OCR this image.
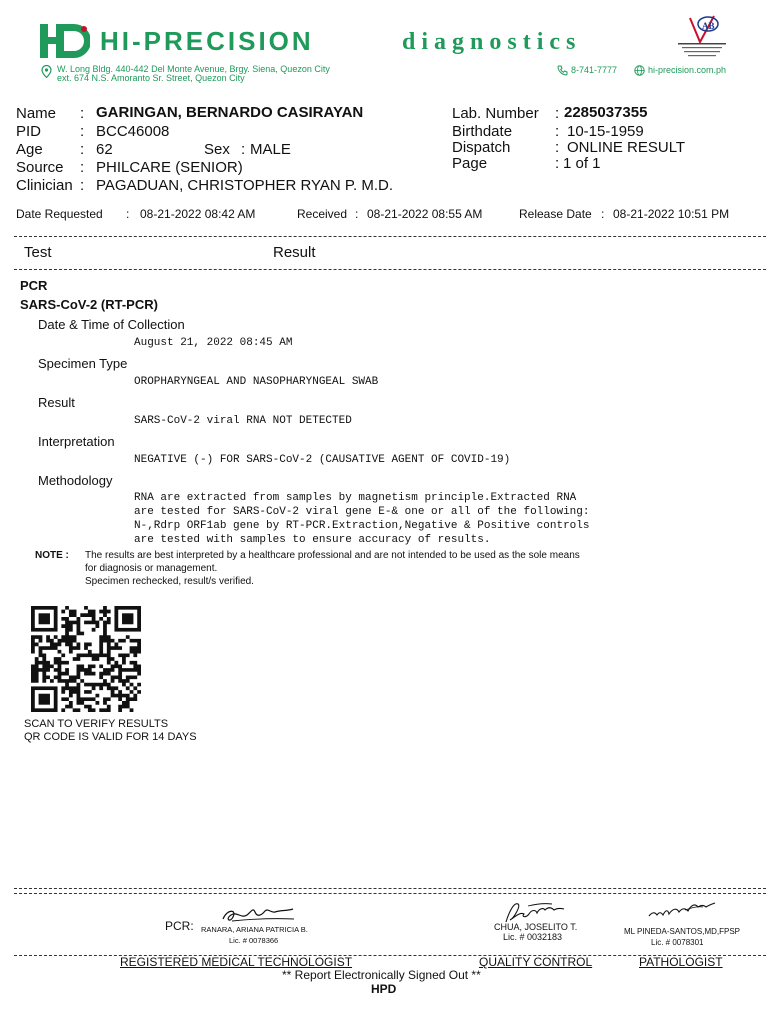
HI-PRECISION	diagnostics
W. Long Bldg. 440-442 Del Monte Avenue, Brgy. Siena, Quezon City
ext. 674 N.S. Amoranto Sr. Street, Quezon City
8-741-7777	hi-precision.com.ph
AB
Name : GARINGAN, BERNARDO CASIRAYAN
PID	: BCC46008
Age : 62	Sex : MALE
Source : PHILCARE (SENIOR)
Clinician : PAGADUAN, CHRISTOPHER RYAN P. M.D.
Lab. Number : 2285037355
Birthdate	: 10-15-1959
Dispatch	: ONLINE RESULT
Page	: 1 of 1
Date Requested : 08-21-2022 08:42 AM	Received : 08-21-2022 08:55 AM	Release Date : 08-21-2022 10:51 PM
Test	Result
PCR
SARS-CoV-2 (RT-PCR)
Date & Time of Collection
August 21, 2022 08:45 AM
Specimen Type
OROPHARYNGEAL AND NASOPHARYNGEAL SWAB
Result
SARS-CoV-2 viral RNA NOT DETECTED
Interpretation
NEGATIVE (-) FOR SARS-CoV-2 (CAUSATIVE AGENT OF COVID-19)
Methodology
RNA are extracted from samples by magnetism principle.Extracted RNA
are tested for SARS-CoV-2 viral gene E-& one or all of the following:
N-,Rdrp ORF1ab gene by RT-PCR.Extraction,Negative & Positive controls
are tested with samples to ensure accuracy of results.
NOTE : The results are best interpreted by a healthcare professional and are not intended to be used as the sole means
for diagnosis or management.
Specimen rechecked, result/s verified.
SCAN TO VERIFY RESULTS
QR CODE IS VALID FOR 14 DAYS
PCR: RANARA, ARIANA PATRICIA B.
Lic. # 0078366
CHUA, JOSELITO T.
Lic. # 0032183
ML PINEDA-SANTOS,MD,FPSP
Lic. # 0078301
REGISTERED MEDICAL TECHNOLOGIST	QUALITY CONTROL	PATHOLOGIST
** Report Electronically Signed Out **
HPD
